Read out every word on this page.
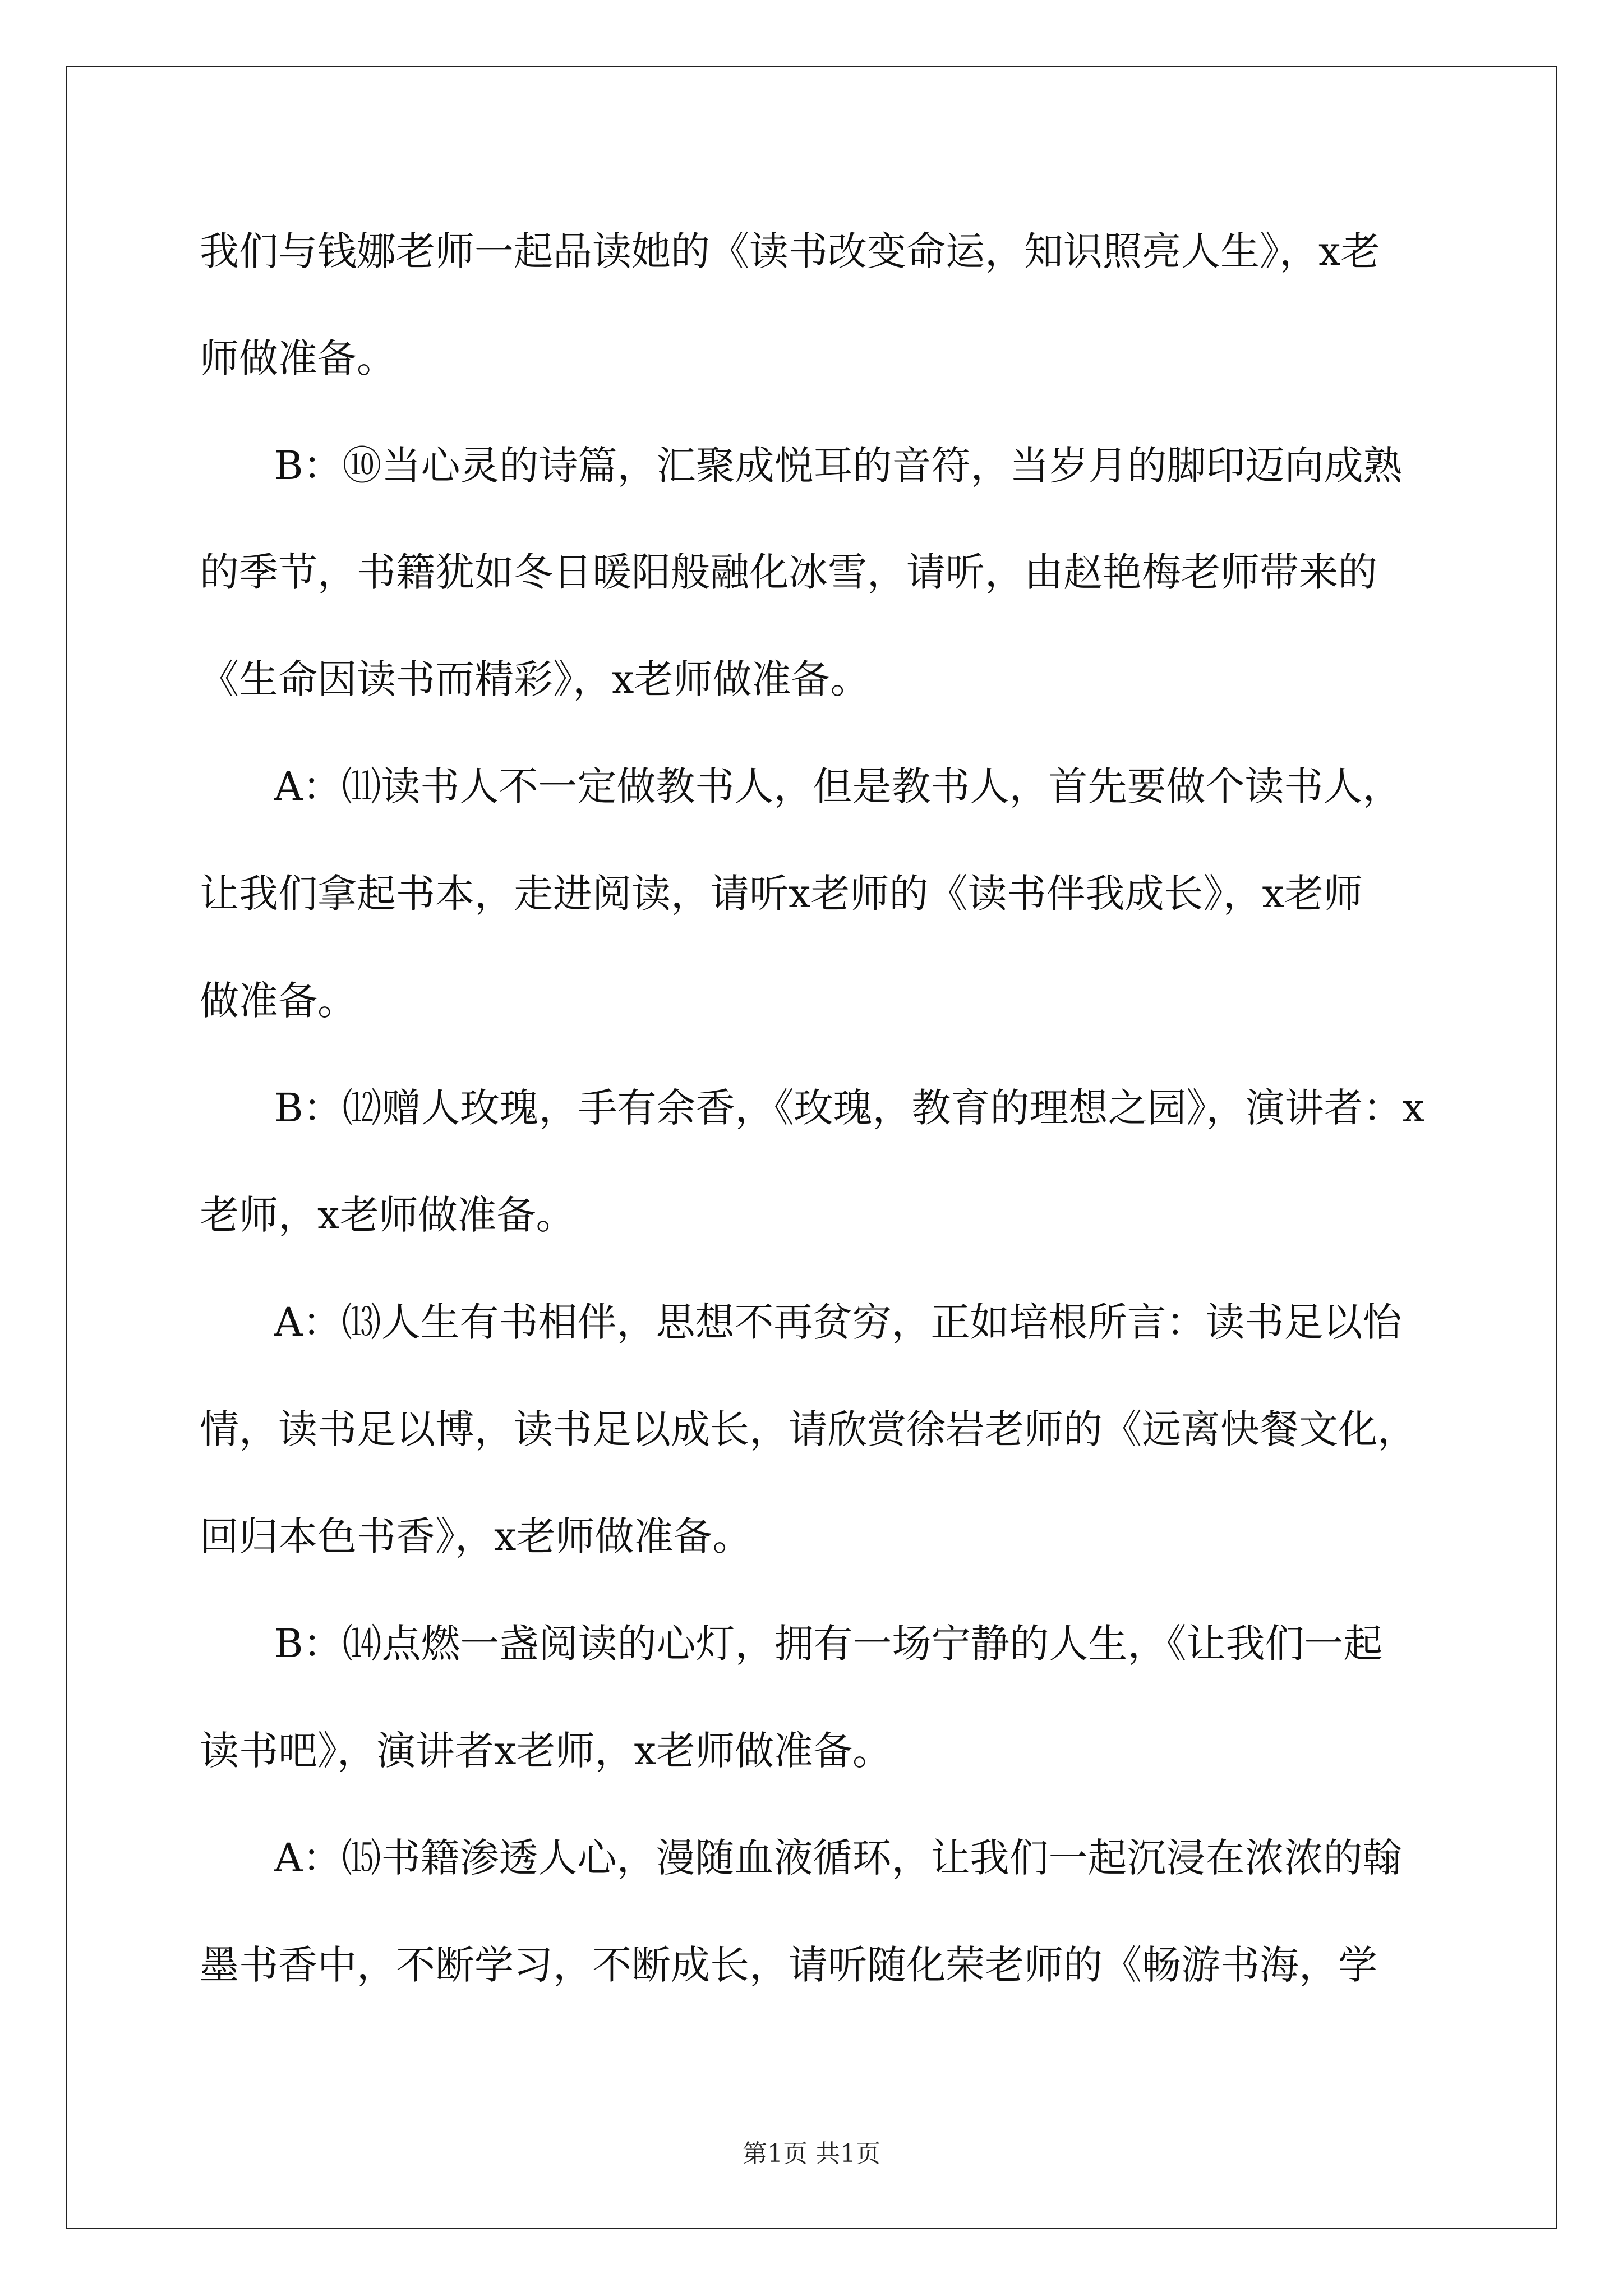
我们与钱娜老师一起品读她的《读书改变命运，知识照亮人生》，x老
师做准备。
B：⑩当心灵的诗篇，汇聚成悦耳的音符，当岁月的脚印迈向成熟
的季节，书籍犹如冬日暖阳般融化冰雪，请听，由赵艳梅老师带来的
《生命因读书而精彩》，x老师做准备。
A：⑾读书人不一定做教书人，但是教书人，首先要做个读书人，
让我们拿起书本，走进阅读，请听x老师的《读书伴我成长》，x老师
做准备。
B：⑿赠人玫瑰，手有余香，《玫瑰，教育的理想之园》，演讲者：x
老师，x老师做准备。
A：⒀人生有书相伴，思想不再贫穷，正如培根所言：读书足以怡
情，读书足以博，读书足以成长，请欣赏徐岩老师的《远离快餐文化，
回归本色书香》，x老师做准备。
B：⒁点燃一盏阅读的心灯，拥有一场宁静的人生，《让我们一起
读书吧》，演讲者x老师，x老师做准备。
A：⒂书籍渗透人心，漫随血液循环，让我们一起沉浸在浓浓的翰
墨书香中，不断学习，不断成长，请听随化荣老师的《畅游书海，学
第1页 共1页
